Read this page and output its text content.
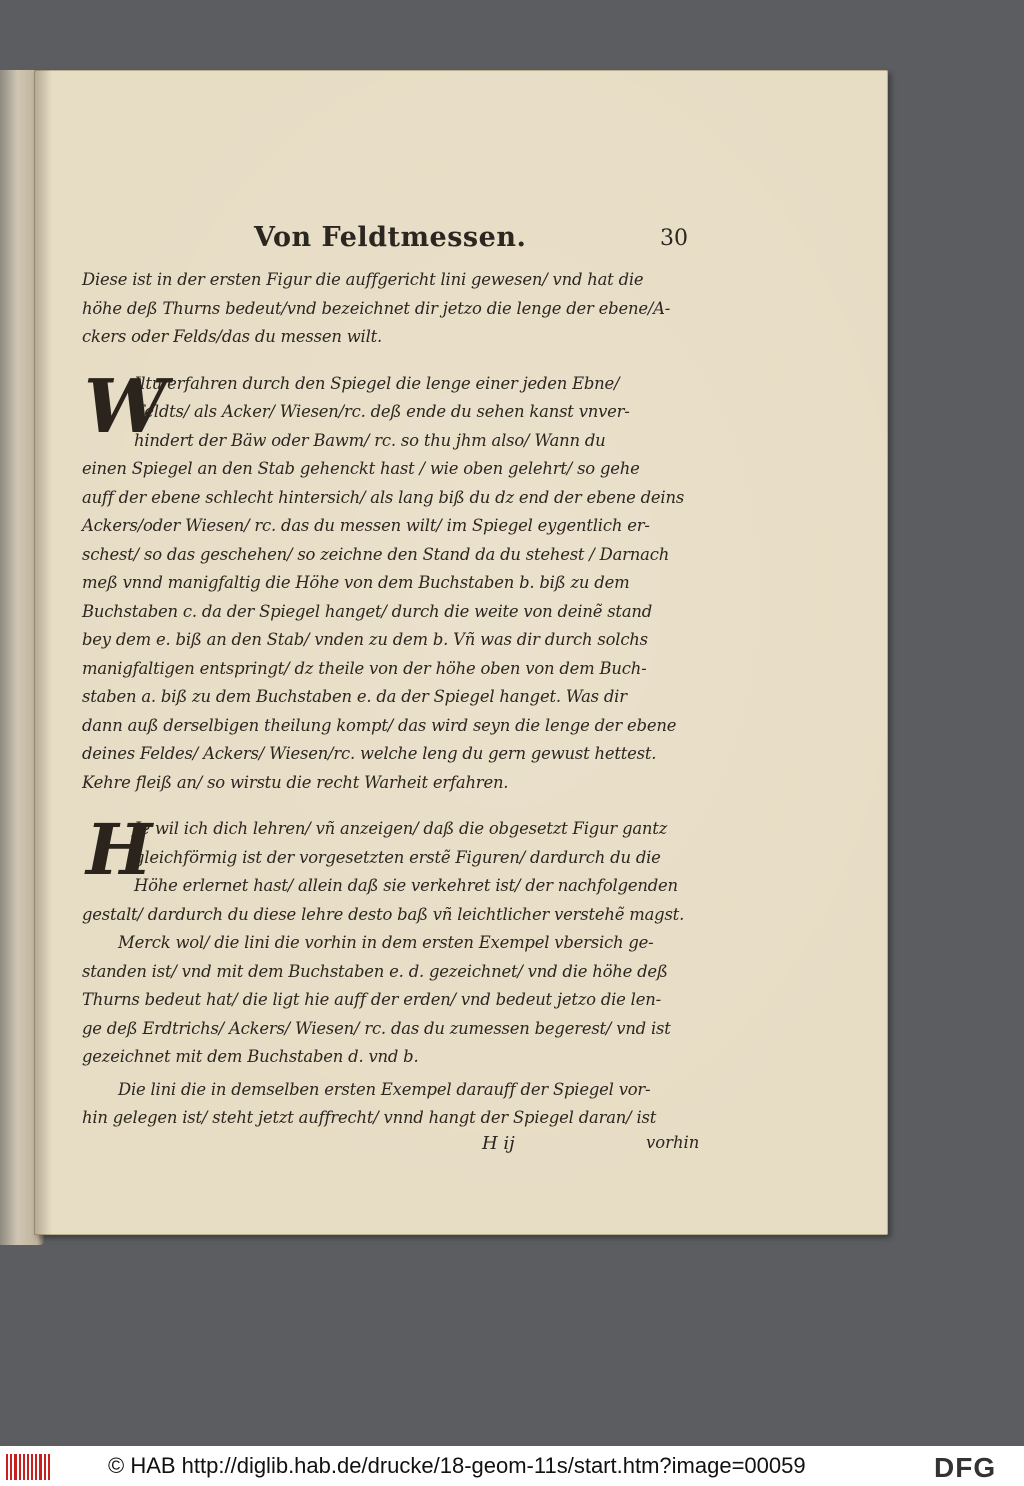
Von Feldtmessen.	30
Diese ist in der ersten Figur die auffgericht lini gewesen/ vnd hat die
höhe deß Thurns bedeut/vnd bezeichnet dir jetzo die lenge der ebene/A-
ckers oder Felds/das du messen wilt.
W
Iltu erfahren durch den Spiegel die lenge einer jeden Ebne/
Feldts/ als Acker/ Wiesen/rc. deß ende du sehen kanst vnver-
hindert der Bäw oder Bawm/ rc. so thu jhm also/ Wann du
einen Spiegel an den Stab gehenckt hast / wie oben gelehrt/ so gehe
auff der ebene schlecht hintersich/ als lang biß du dz end der ebene deins
Ackers/oder Wiesen/ rc. das du messen wilt/ im Spiegel eygentlich er-
schest/ so das geschehen/ so zeichne den Stand da du stehest / Darnach
meß vnnd manigfaltig die Höhe von dem Buchstaben b. biß zu dem
Buchstaben c. da der Spiegel hanget/ durch die weite von deinẽ stand
bey dem e. biß an den Stab/ vnden zu dem b. Vñ was dir durch solchs
manigfaltigen entspringt/ dz theile von der höhe oben von dem Buch-
staben a. biß zu dem Buchstaben e. da der Spiegel hanget. Was dir
dann auß derselbigen theilung kompt/ das wird seyn die lenge der ebene
deines Feldes/ Ackers/ Wiesen/rc. welche leng du gern gewust hettest.
Kehre fleiß an/ so wirstu die recht Warheit erfahren.
H
Je wil ich dich lehren/ vñ anzeigen/ daß die obgesetzt Figur gantz
gleichförmig ist der vorgesetzten erstẽ Figuren/ dardurch du die
Höhe erlernet hast/ allein daß sie verkehret ist/ der nachfolgenden
gestalt/ dardurch du diese lehre desto baß vñ leichtlicher verstehẽ magst.
Merck wol/ die lini die vorhin in dem ersten Exempel vbersich ge-
standen ist/ vnd mit dem Buchstaben e. d. gezeichnet/ vnd die höhe deß
Thurns bedeut hat/ die ligt hie auff der erden/ vnd bedeut jetzo die len-
ge deß Erdtrichs/ Ackers/ Wiesen/ rc. das du zumessen begerest/ vnd ist
gezeichnet mit dem Buchstaben d. vnd b.
Die lini die in demselben ersten Exempel darauff der Spiegel vor-
hin gelegen ist/ steht jetzt auffrecht/ vnnd hangt der Spiegel daran/ ist
H ij	vorhin
© HAB http://diglib.hab.de/drucke/18-geom-11s/start.htm?image=00059	DFG
